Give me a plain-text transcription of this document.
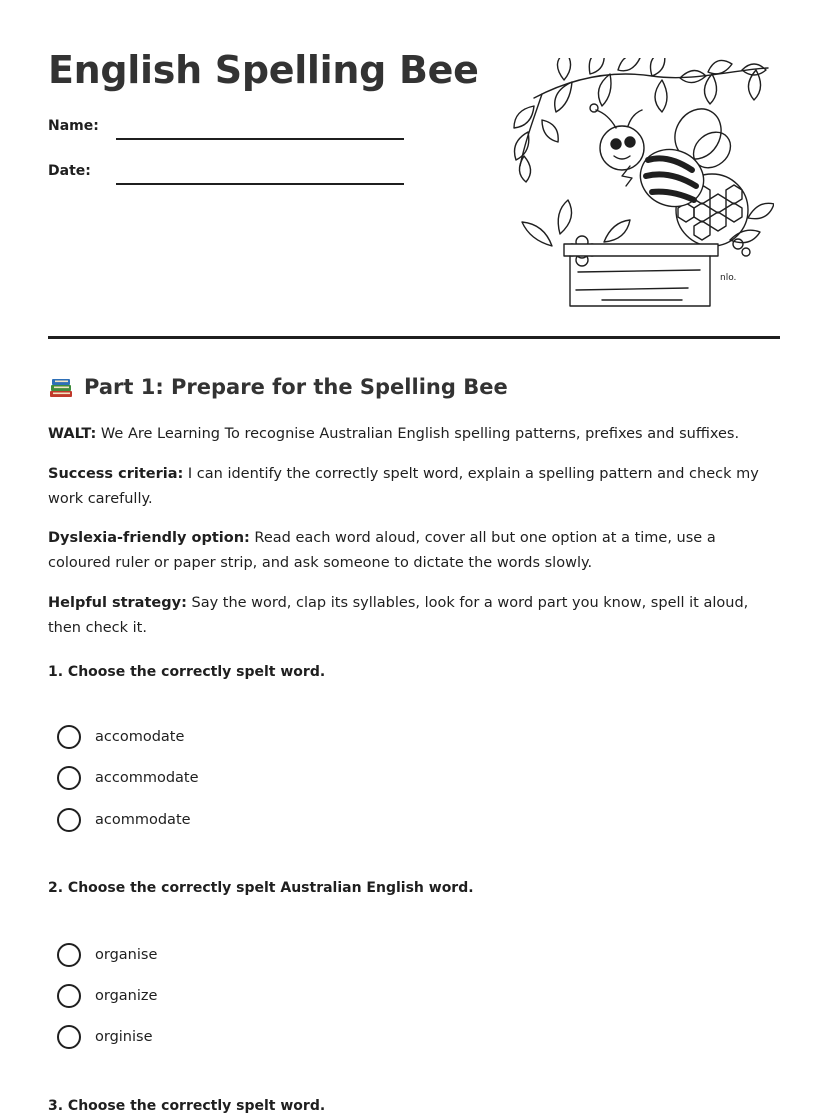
English Spelling Bee
Name:
Date:
nlo.
Part 1: Prepare for the Spelling Bee

WALT: We Are Learning To recognise Australian English spelling patterns, prefixes and suffixes.

Success criteria: I can identify the correctly spelt word, explain a spelling pattern and check my work carefully.

Dyslexia-friendly option: Read each word aloud, cover all but one option at a time, use a coloured ruler or paper strip, and ask someone to dictate the words slowly.

Helpful strategy: Say the word, clap its syllables, look for a word part you know, spell it aloud, then check it.

1. Choose the correctly spelt word.

accomodate
accommodate
acommodate

2. Choose the correctly spelt Australian English word.

organise
organize
orginise

3. Choose the correctly spelt word.
